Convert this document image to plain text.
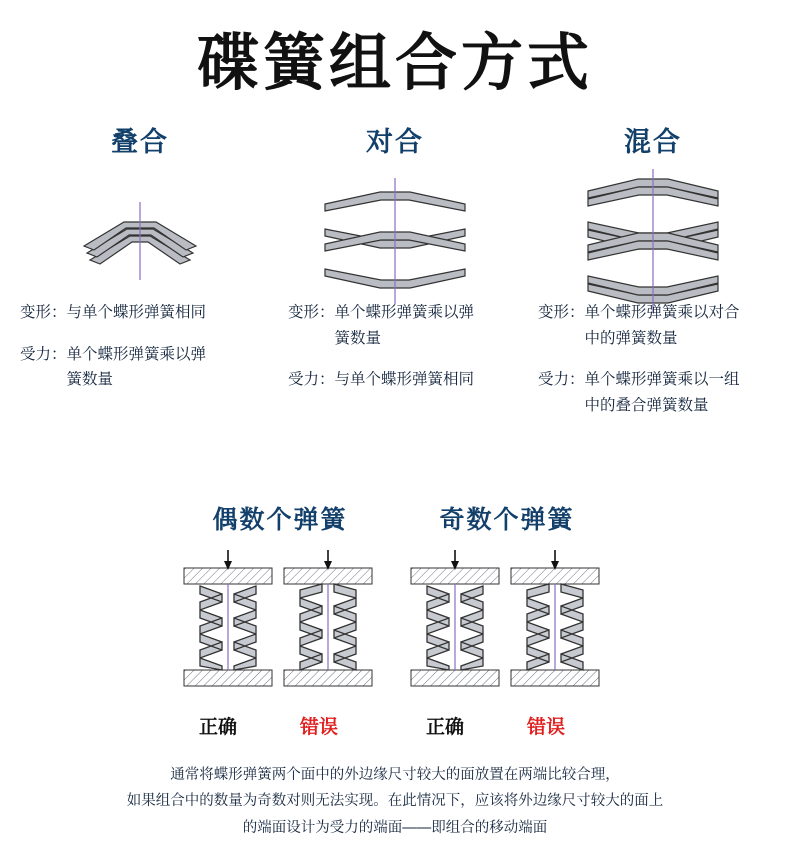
碟簧组合方式
叠合
变形： 与单个蝶形弹簧相同
受力： 单个蝶形弹簧乘以弹簧数量
对合
变形： 单个蝶形弹簧乘以弹簧数量
受力： 与单个蝶形弹簧相同
混合
变形： 单个蝶形弹簧乘以对合中的弹簧数量
受力： 单个蝶形弹簧乘以一组中的叠合弹簧数量
偶数个弹簧	奇数个弹簧
正确	错误	正确	错误
通常将蝶形弹簧两个面中的外边缘尺寸较大的面放置在两端比较合理，
如果组合中的数量为奇数对则无法实现。在此情况下，应该将外边缘尺寸较大的面上
的端面设计为受力的端面——即组合的移动端面
